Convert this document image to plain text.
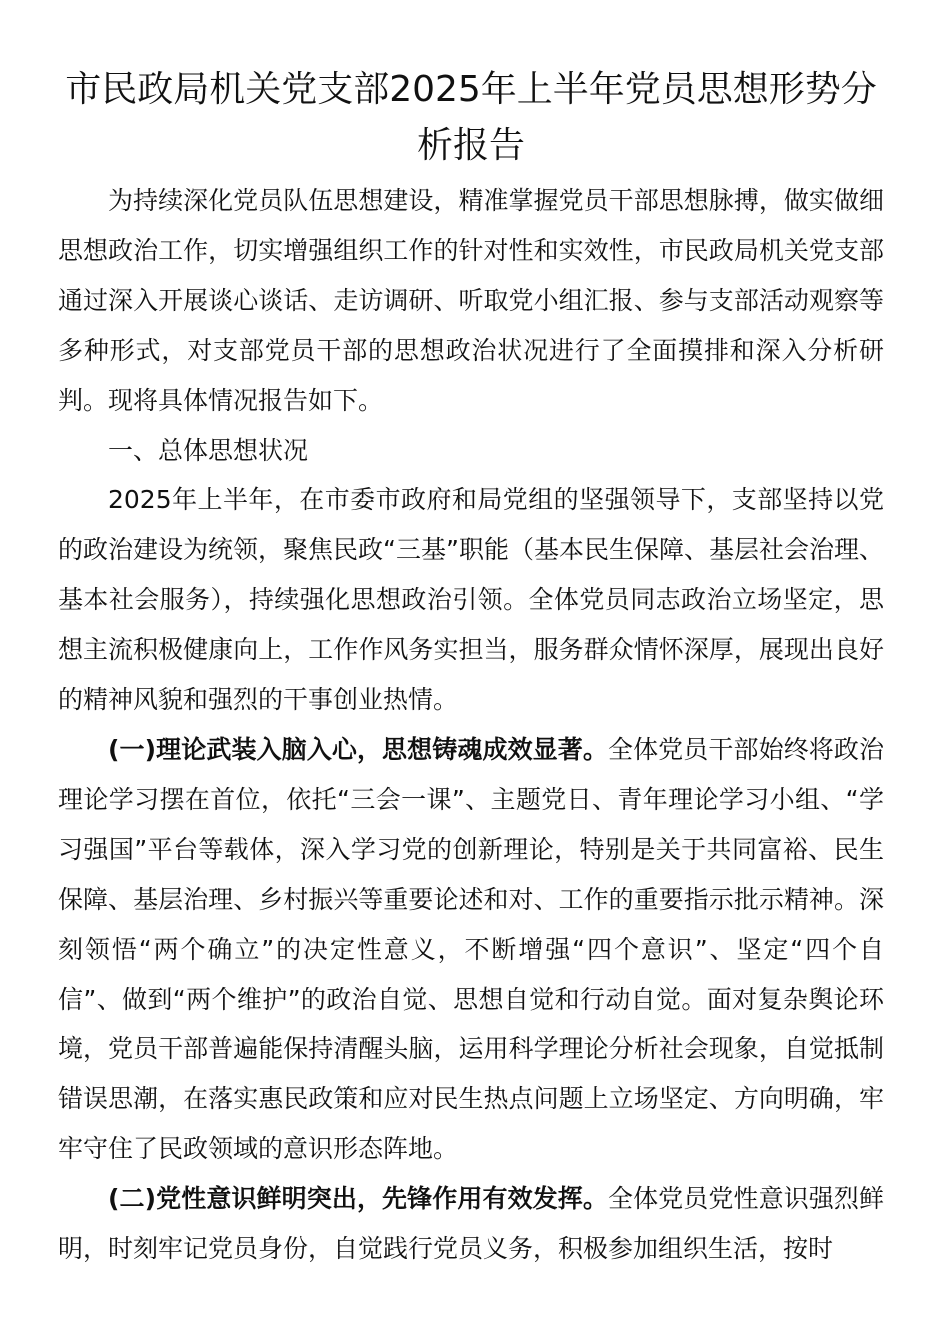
市民政局机关党支部2025年上半年党员思想形势分析报告

为持续深化党员队伍思想建设，精准掌握党员干部思想脉搏，做实做细思想政治工作，切实增强组织工作的针对性和实效性，市民政局机关党支部通过深入开展谈心谈话、走访调研、听取党小组汇报、参与支部活动观察等多种形式，对支部党员干部的思想政治状况进行了全面摸排和深入分析研判。现将具体情况报告如下。

一、总体思想状况

2025年上半年，在市委市政府和局党组的坚强领导下，支部坚持以党的政治建设为统领，聚焦民政“三基”职能（基本民生保障、基层社会治理、基本社会服务），持续强化思想政治引领。全体党员同志政治立场坚定，思想主流积极健康向上，工作作风务实担当，服务群众情怀深厚，展现出良好的精神风貌和强烈的干事创业热情。

(一)理论武装入脑入心，思想铸魂成效显著。全体党员干部始终将政治理论学习摆在首位，依托“三会一课”、主题党日、青年理论学习小组、“学习强国”平台等载体，深入学习党的创新理论，特别是关于共同富裕、民生保障、基层治理、乡村振兴等重要论述和对、工作的重要指示批示精神。深刻领悟“两个确立”的决定性意义，不断增强“四个意识”、坚定“四个自信”、做到“两个维护”的政治自觉、思想自觉和行动自觉。面对复杂舆论环境，党员干部普遍能保持清醒头脑，运用科学理论分析社会现象，自觉抵制错误思潮，在落实惠民政策和应对民生热点问题上立场坚定、方向明确，牢牢守住了民政领域的意识形态阵地。

(二)党性意识鲜明突出，先锋作用有效发挥。全体党员党性意识强烈鲜明，时刻牢记党员身份，自觉践行党员义务，积极参加组织生活，按时
